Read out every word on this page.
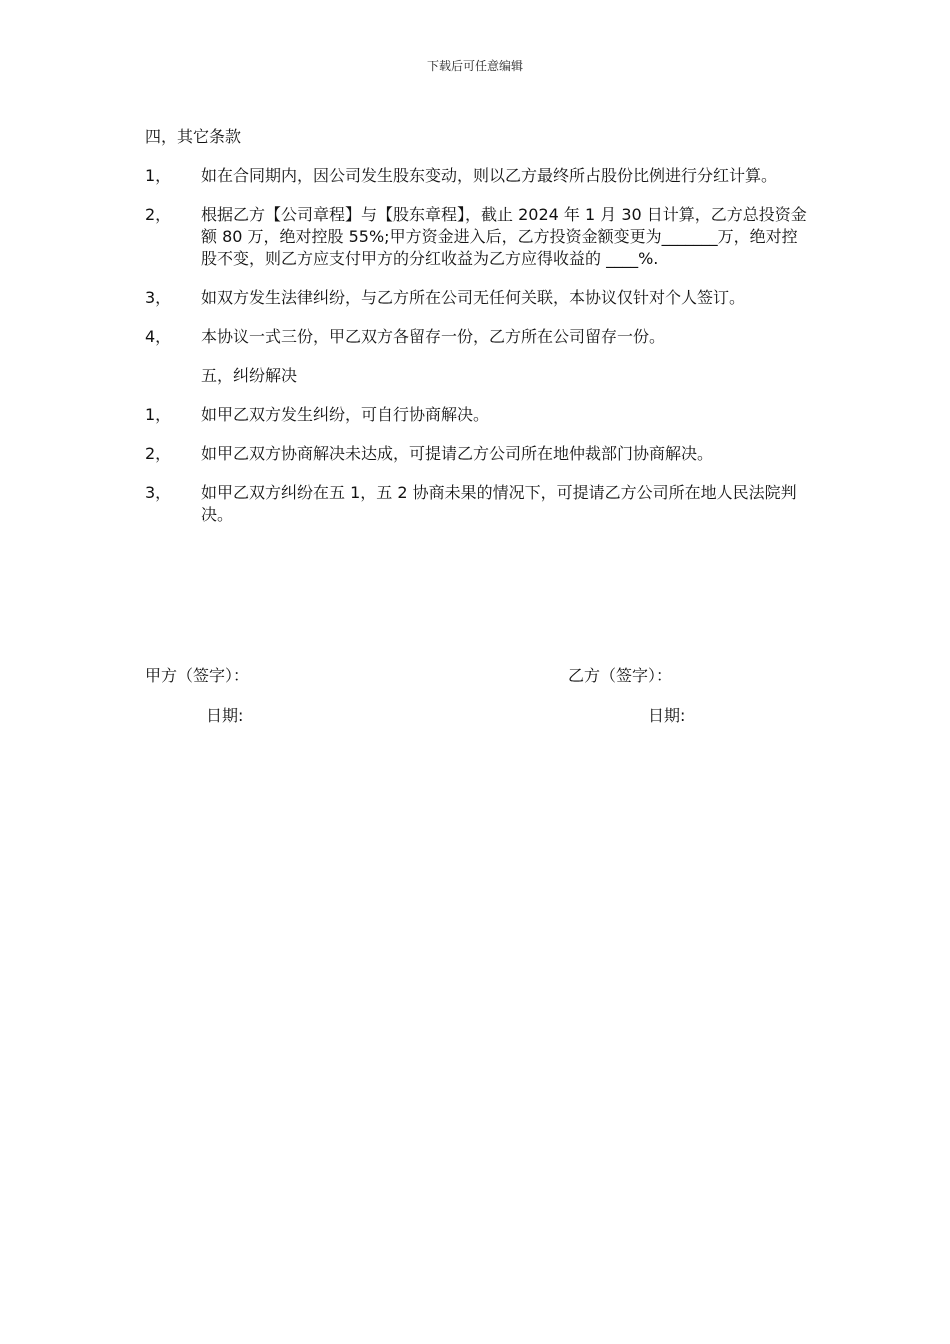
下载后可任意编辑
四，其它条款
1，	如在合同期内，因公司发生股东变动，则以乙方最终所占股份比例进行分红计算。
2，	根据乙方【公司章程】与【股东章程】，截止 2024 年 1 月 30 日计算，乙方总投资金额 80 万，绝对控股 55%;甲方资金进入后，乙方投资金额变更为_______万，绝对控股不变，则乙方应支付甲方的分红收益为乙方应得收益的 ____%.
3，	如双方发生法律纠纷，与乙方所在公司无任何关联，本协议仅针对个人签订。
4，	本协议一式三份，甲乙双方各留存一份，乙方所在公司留存一份。
五，纠纷解决
1，	如甲乙双方发生纠纷，可自行协商解决。
2，	如甲乙双方协商解决未达成，可提请乙方公司所在地仲裁部门协商解决。
3，	如甲乙双方纠纷在五 1，五 2 协商未果的情况下，可提请乙方公司所在地人民法院判决。
甲方（签字）：	乙方（签字）：
日期:	日期:
